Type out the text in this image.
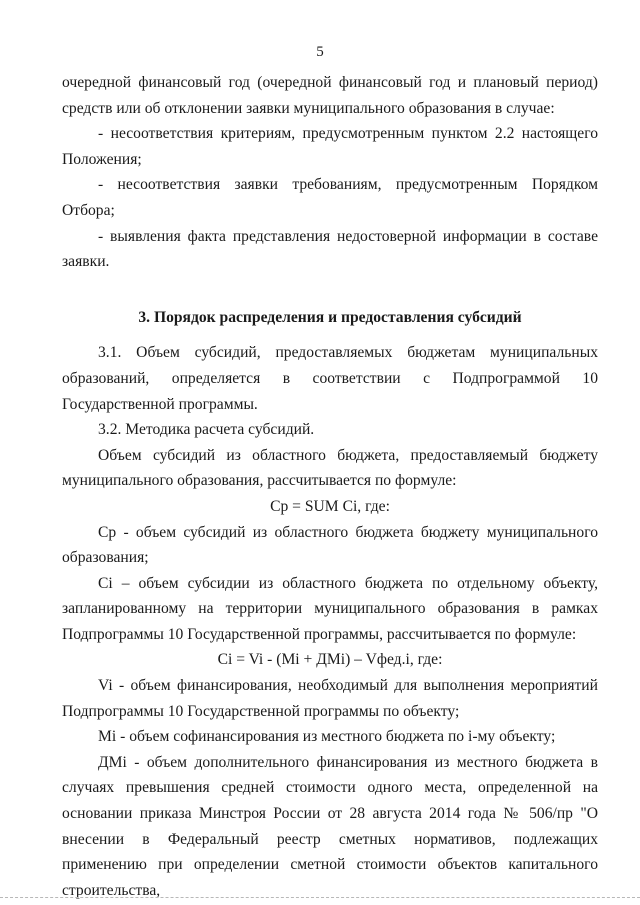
5

очередной финансовый год (очередной финансовый год и плановый период) средств или об отклонении заявки муниципального образования в случае:

- несоответствия критериям, предусмотренным пунктом 2.2 настоящего Положения;

- несоответствия заявки требованиям, предусмотренным Порядком Отбора;

- выявления факта представления недостоверной информации в составе заявки.

3. Порядок распределения и предоставления субсидий

3.1. Объем субсидий, предоставляемых бюджетам муниципальных образований, определяется в соответствии с Подпрограммой 10 Государственной программы.

3.2. Методика расчета субсидий.

Объем субсидий из областного бюджета, предоставляемый бюджету муниципального образования, рассчитывается по формуле:

Ср = SUM Ci, где:

Ср - объем субсидий из областного бюджета бюджету муниципального образования;

Ci – объем субсидии из областного бюджета по отдельному объекту, запланированному на территории муниципального образования в рамках Подпрограммы 10 Государственной программы, рассчитывается по формуле:

Ci = Vi - (Mi + ДМi) – Vфед.i, где:

Vi - объем финансирования, необходимый для выполнения мероприятий Подпрограммы 10 Государственной программы по объекту;

Mi - объем софинансирования из местного бюджета по i-му объекту;

ДМi - объем дополнительного финансирования из местного бюджета в случаях превышения средней стоимости одного места, определенной на основании приказа Минстроя России от 28 августа 2014 года № 506/пр "О внесении в Федеральный реестр сметных нормативов, подлежащих применению при определении сметной стоимости объектов капитального строительства,
